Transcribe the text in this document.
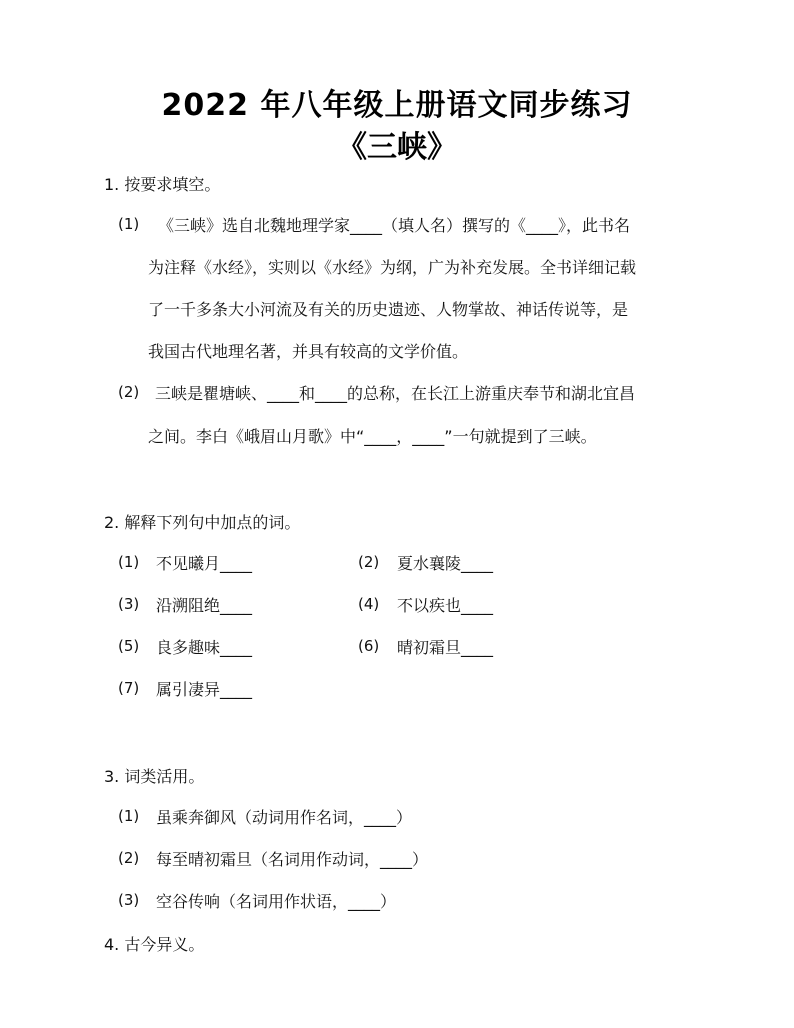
2022 年八年级上册语文同步练习
《三峡》
1. 按要求填空。
(1) 《三峡》选自北魏地理学家____（填人名）撰写的《____》，此书名
为注释《水经》，实则以《水经》为纲，广为补充发展。全书详细记载
了一千多条大小河流及有关的历史遗迹、人物掌故、神话传说等，是
我国古代地理名著，并具有较高的文学价值。
(2) 三峡是瞿塘峡、____和____的总称，在长江上游重庆奉节和湖北宜昌
之间。李白《峨眉山月歌》中“____，____”一句就提到了三峡。
2. 解释下列句中加点的词。
(1) 不见曦月____	(2) 夏水襄陵____
(3) 沿溯阻绝____	(4) 不以疾也____
(5) 良多趣味____	(6) 晴初霜旦____
(7) 属引凄异____
3. 词类活用。
(1) 虽乘奔御风（动词用作名词，____）
(2) 每至晴初霜旦（名词用作动词，____）
(3) 空谷传响（名词用作状语，____）
4. 古今异义。
